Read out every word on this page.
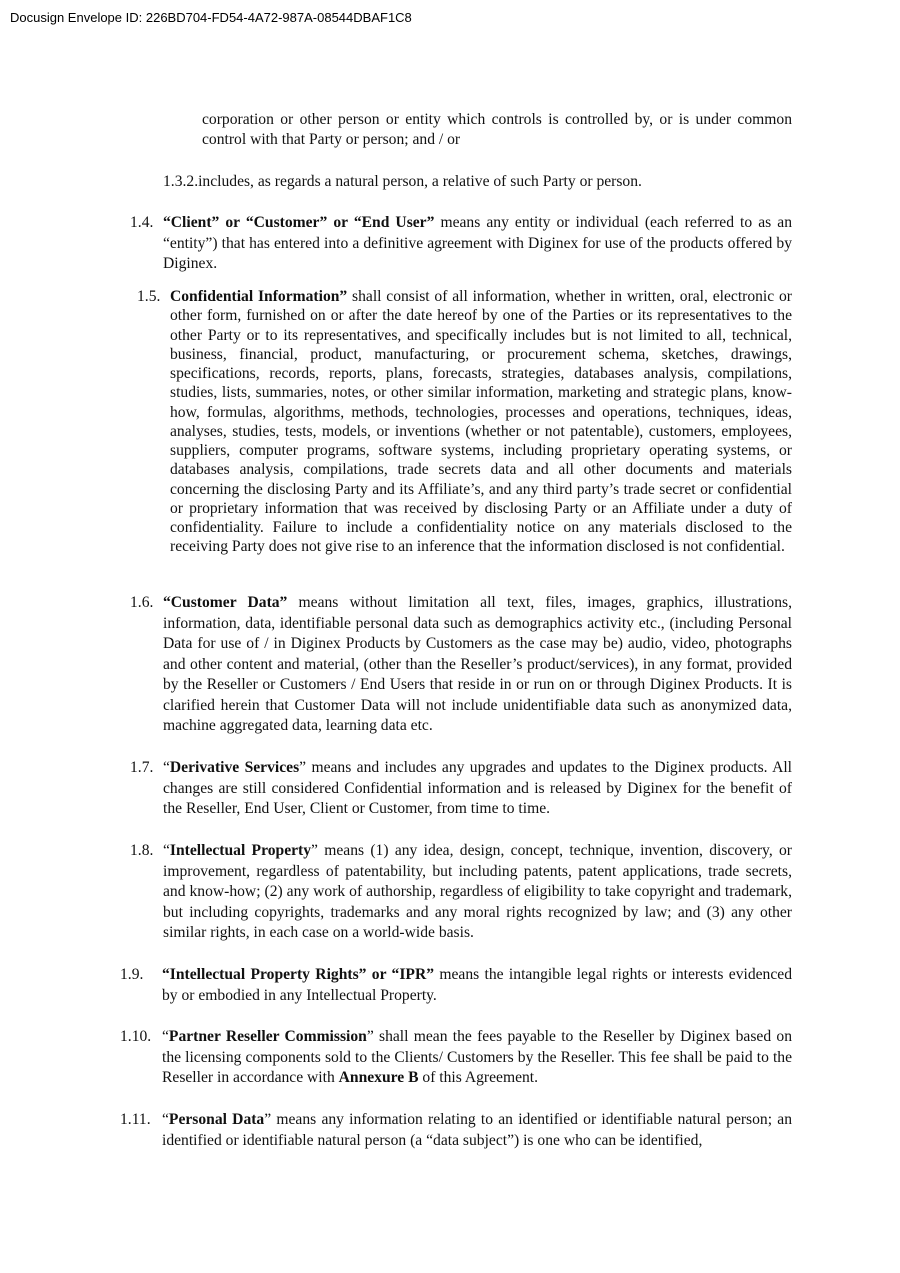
Docusign Envelope ID: 226BD704-FD54-4A72-987A-08544DBAF1C8
corporation or other person or entity which controls is controlled by, or is under common control with that Party or person; and / or
1.3.2.includes, as regards a natural person, a relative of such Party or person.
1.4. “Client” or “Customer” or “End User” means any entity or individual (each referred to as an “entity”) that has entered into a definitive agreement with Diginex for use of the products offered by Diginex.
1.5. Confidential Information” shall consist of all information, whether in written, oral, electronic or other form, furnished on or after the date hereof by one of the Parties or its representatives to the other Party or to its representatives, and specifically includes but is not limited to all, technical, business, financial, product, manufacturing, or procurement schema, sketches, drawings, specifications, records, reports, plans, forecasts, strategies, databases analysis, compilations, studies, lists, summaries, notes, or other similar information, marketing and strategic plans, know-how, formulas, algorithms, methods, technologies, processes and operations, techniques, ideas, analyses, studies, tests, models, or inventions (whether or not patentable), customers, employees, suppliers, computer programs, software systems, including proprietary operating systems, or databases analysis, compilations, trade secrets data and all other documents and materials concerning the disclosing Party and its Affiliate’s, and any third party’s trade secret or confidential or proprietary information that was received by disclosing Party or an Affiliate under a duty of confidentiality. Failure to include a confidentiality notice on any materials disclosed to the receiving Party does not give rise to an inference that the information disclosed is not confidential.
1.6. “Customer Data” means without limitation all text, files, images, graphics, illustrations, information, data, identifiable personal data such as demographics activity etc., (including Personal Data for use of / in Diginex Products by Customers as the case may be) audio, video, photographs and other content and material, (other than the Reseller’s product/services), in any format, provided by the Reseller or Customers / End Users that reside in or run on or through Diginex Products. It is clarified herein that Customer Data will not include unidentifiable data such as anonymized data, machine aggregated data, learning data etc.
1.7. “Derivative Services” means and includes any upgrades and updates to the Diginex products. All changes are still considered Confidential information and is released by Diginex for the benefit of the Reseller, End User, Client or Customer, from time to time.
1.8. “Intellectual Property” means (1) any idea, design, concept, technique, invention, discovery, or improvement, regardless of patentability, but including patents, patent applications, trade secrets, and know-how; (2) any work of authorship, regardless of eligibility to take copyright and trademark, but including copyrights, trademarks and any moral rights recognized by law; and (3) any other similar rights, in each case on a world-wide basis.
1.9. “Intellectual Property Rights” or “IPR” means the intangible legal rights or interests evidenced by or embodied in any Intellectual Property.
1.10. “Partner Reseller Commission” shall mean the fees payable to the Reseller by Diginex based on the licensing components sold to the Clients/ Customers by the Reseller. This fee shall be paid to the Reseller in accordance with Annexure B of this Agreement.
1.11. “Personal Data” means any information relating to an identified or identifiable natural person; an identified or identifiable natural person (a “data subject”) is one who can be identified,
